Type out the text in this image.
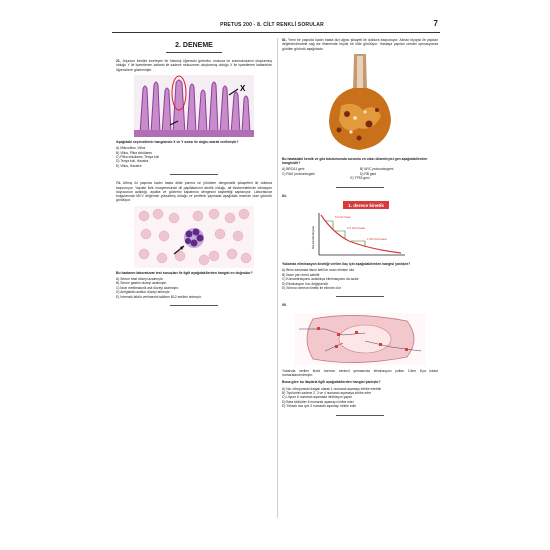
PRETUS 200 - 8. CİLT RENKLİ SORULAR	7
2. DENEME
21. Jejunum kesitini inceleyen bir histoloji öğrencisi görevlisi, mukoza ve submukozanın oluşturmuş olduğu Y ile işaretlenen katlantı ile sadece mukozanın oluşturmuş olduğu X ile işaretlenen katlantıları öğrencilere göstermiştir.
X
Aşağıdaki seçeneklerin hangisinde X ve Y sırası ile doğru olarak verilmiştir?
A) Mikrovillus, Villus
B) Villus, Plika sirkülares
C) Plika sirkülares, Tenya koli
D) Tenya koli, Haustra
E) Villus, Haustra
74. Altmış iki yaşında kadın hasta dilde yanma ve yürürken dengesizlik şikayetleri ile doktora başvuruyor. Yapılan fizik muayenesinde dil papillalarının atrofik olduğu, alt ekstremitelerde vibrasyon duyusunun azaldığı, ayakta ve gözlerini kapatınca dengesini kaybettiği saptanıyor. Laboratuvar bulgularında MCV değerinin yükselmiş olduğu ve periferik yaymada aşağıdaki resimde olan görüntü görülüyor.
Bu hastanın laboratuvar test sonuçları ile ilgili aşağıdakilerden hangisi en doğrudur?
A) Serum folat düzeyi azalmıştır.
B) Serum gastrin düzeyi azalmıştır.
C) İdrar metilmalonik asit düzeyi azalmıştır.
D) Antiglaidin antikor düzeyi artmıştır.
E) İntrensik faktör verilmesini takiben B12 emilimi artmıştır.
81. Yirmi bir yaşında kadın hasta dizi ağrısı şikayeti ile doktora başvuruyor. Alınan biyopsi ile yapılan değerlendirmede sağ diz ekleminde büyük bir kitle görülüyor. Hastaya yapılan cerrahi operasyonda görülen görüntü aşağıdadır.
Bu hastadaki kemik ve göz tutulumunda sorumlu en olası düzenleyici gen aşağıdakilerden hangisidir?
A) BRCA1 geni	B) MYC protoonkogeni
C) RAS protoonkogeni	D) RB geni
E) TP53 geni
84.
1. derece kinetik
İlaç konsantrasyonu
5 birim/saat
2.5 birim/saat
1.25 birim/saat
Yukarıda eliminasyon kinetiği verilen ilaç için aşağıdakilerden hangisi yanlıştır?
A) Birim zamanda ilacın belli bir oranı elimine olur
B) İlacın yarı ömrü sabittir
C) Konsantrasyonu azaldıkça eliminasyonu da azalır
D) Eliminasyon hızı değişkendir
E) Sıfırıncı derece kinetik ile elimine olur
90.
Yukarıda verilen tiroid hormon sentezi şemasında eliminasyon yolları 1'den 6'ya kadar numaralandırılmıştır.
Buna göre bu ilaçlarla ilgili aşağıdakilerden hangisi yanlıştır?
A) Na- nitroprussid dalgalı olarak 1 numaralı aşamayı inhibe edebilir
B) Tiyoüreler sadece 2, 3 ve 4 numaralı aşamaya inhibe eder
C) Lityum 6 numaralı aşamada inhibisyon yapar
D) Beta blokörler 6 numaralı aşamayı inhibe eder
E) Yüksek doz iyot 3 numaralı aşamayı inhibe eder
